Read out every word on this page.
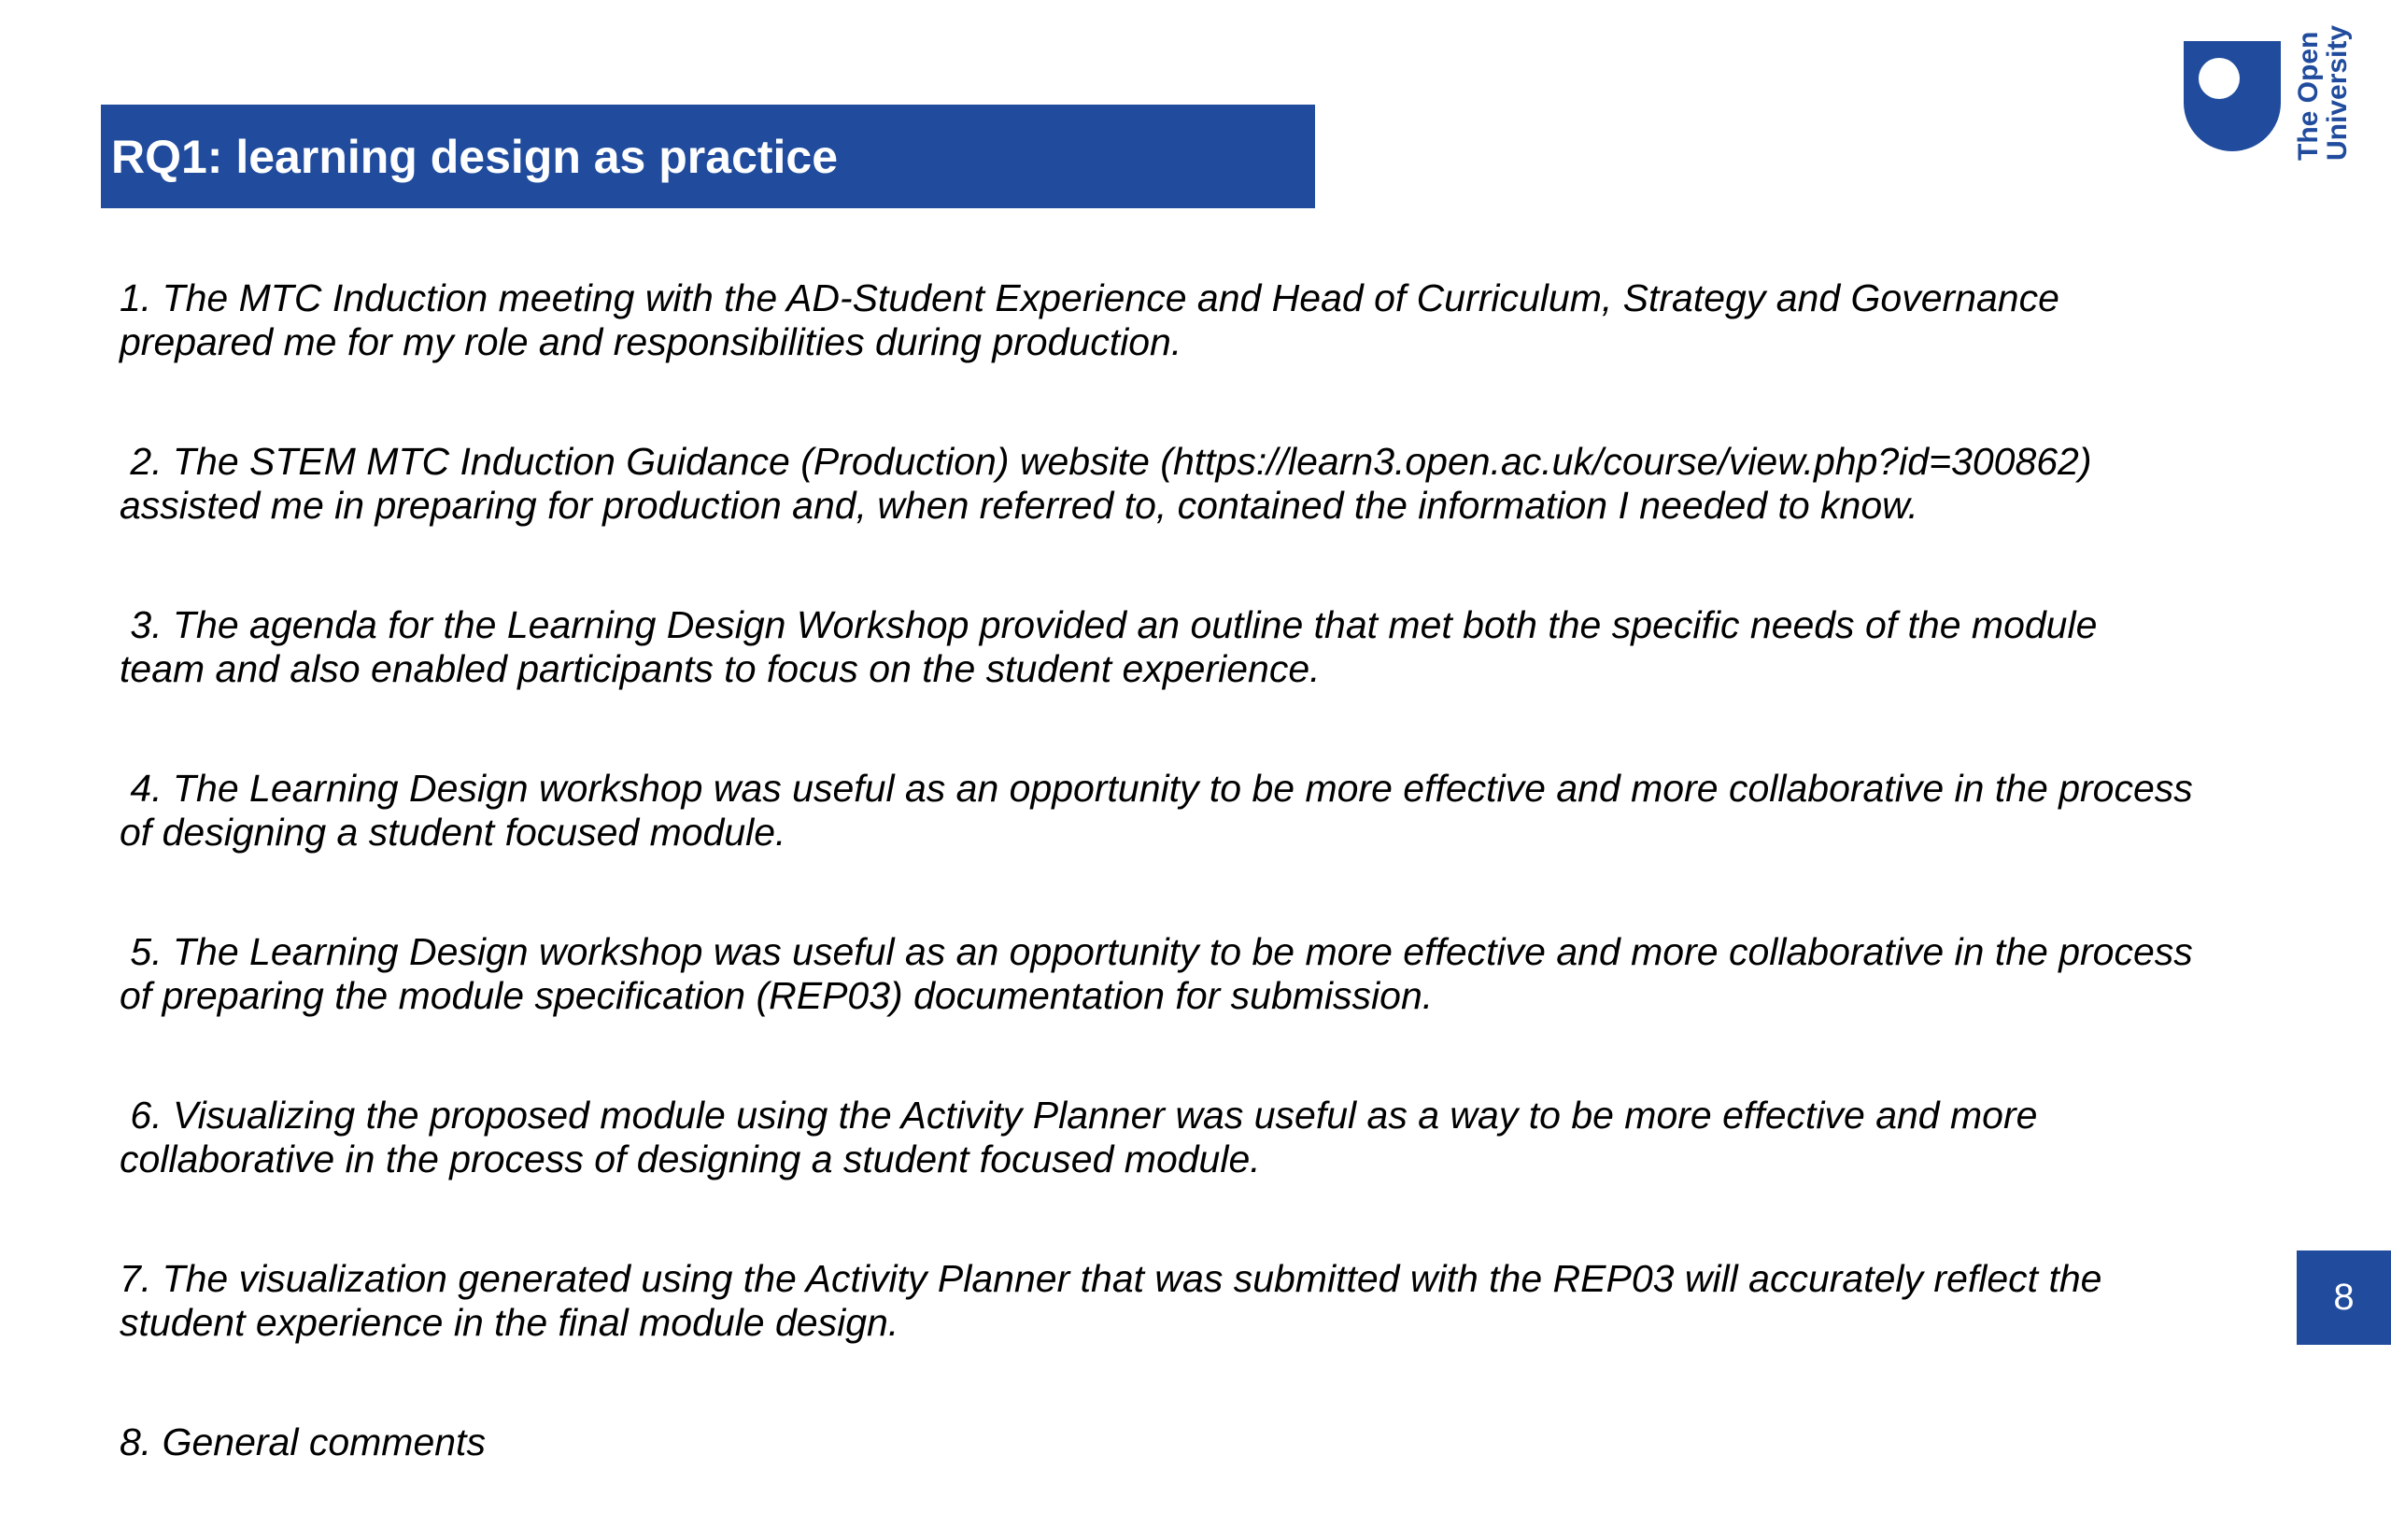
RQ1: learning design as practice	The Open
University
1. The MTC Induction meeting with the AD-Student Experience and Head of Curriculum, Strategy and Governance
prepared me for my role and responsibilities during production.
2. The STEM MTC Induction Guidance (Production) website (https://learn3.open.ac.uk/course/view.php?id=300862)
assisted me in preparing for production and, when referred to, contained the information I needed to know.
3. The agenda for the Learning Design Workshop provided an outline that met both the specific needs of the module
team and also enabled participants to focus on the student experience.
4. The Learning Design workshop was useful as an opportunity to be more effective and more collaborative in the process
of designing a student focused module.
5. The Learning Design workshop was useful as an opportunity to be more effective and more collaborative in the process
of preparing the module specification (REP03) documentation for submission.
6. Visualizing the proposed module using the Activity Planner was useful as a way to be more effective and more
collaborative in the process of designing a student focused module.
7. The visualization generated using the Activity Planner that was submitted with the REP03 will accurately reflect the
student experience in the final module design.
8. General comments
8
